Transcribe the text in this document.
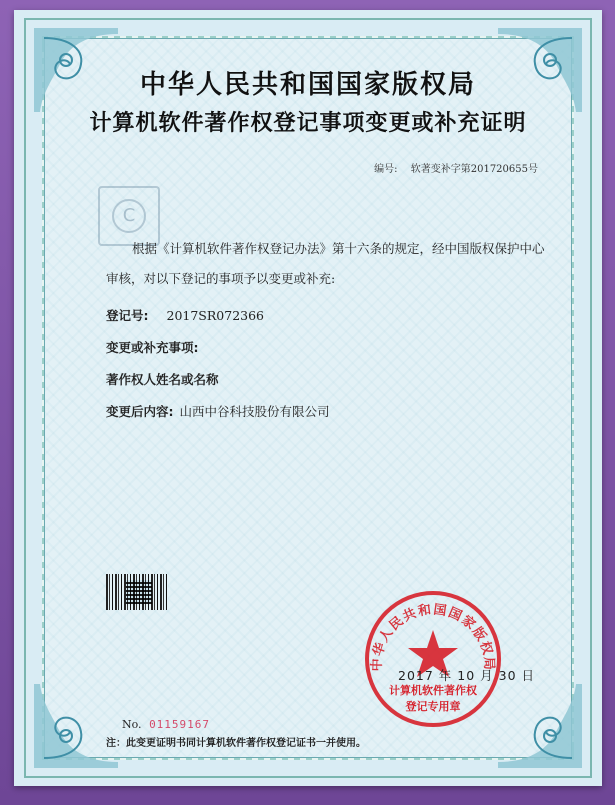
中华人民共和国国家版权局
计算机软件著作权登记事项变更或补充证明
编号: 软著变补字第201720655号
C
根据《计算机软件著作权登记办法》第十六条的规定，经中国版权保护中心审核，对以下登记的事项予以变更或补充:
登记号: 2017SR072366
变更或补充事项:
著作权人姓名或名称
变更后内容: 山西中谷科技股份有限公司
中华人民共和国国家版权局
2017 年 10 月 30 日
计算机软件著作权
登记专用章
No. 01159167
注：此变更证明书同计算机软件著作权登记证书一并使用。
